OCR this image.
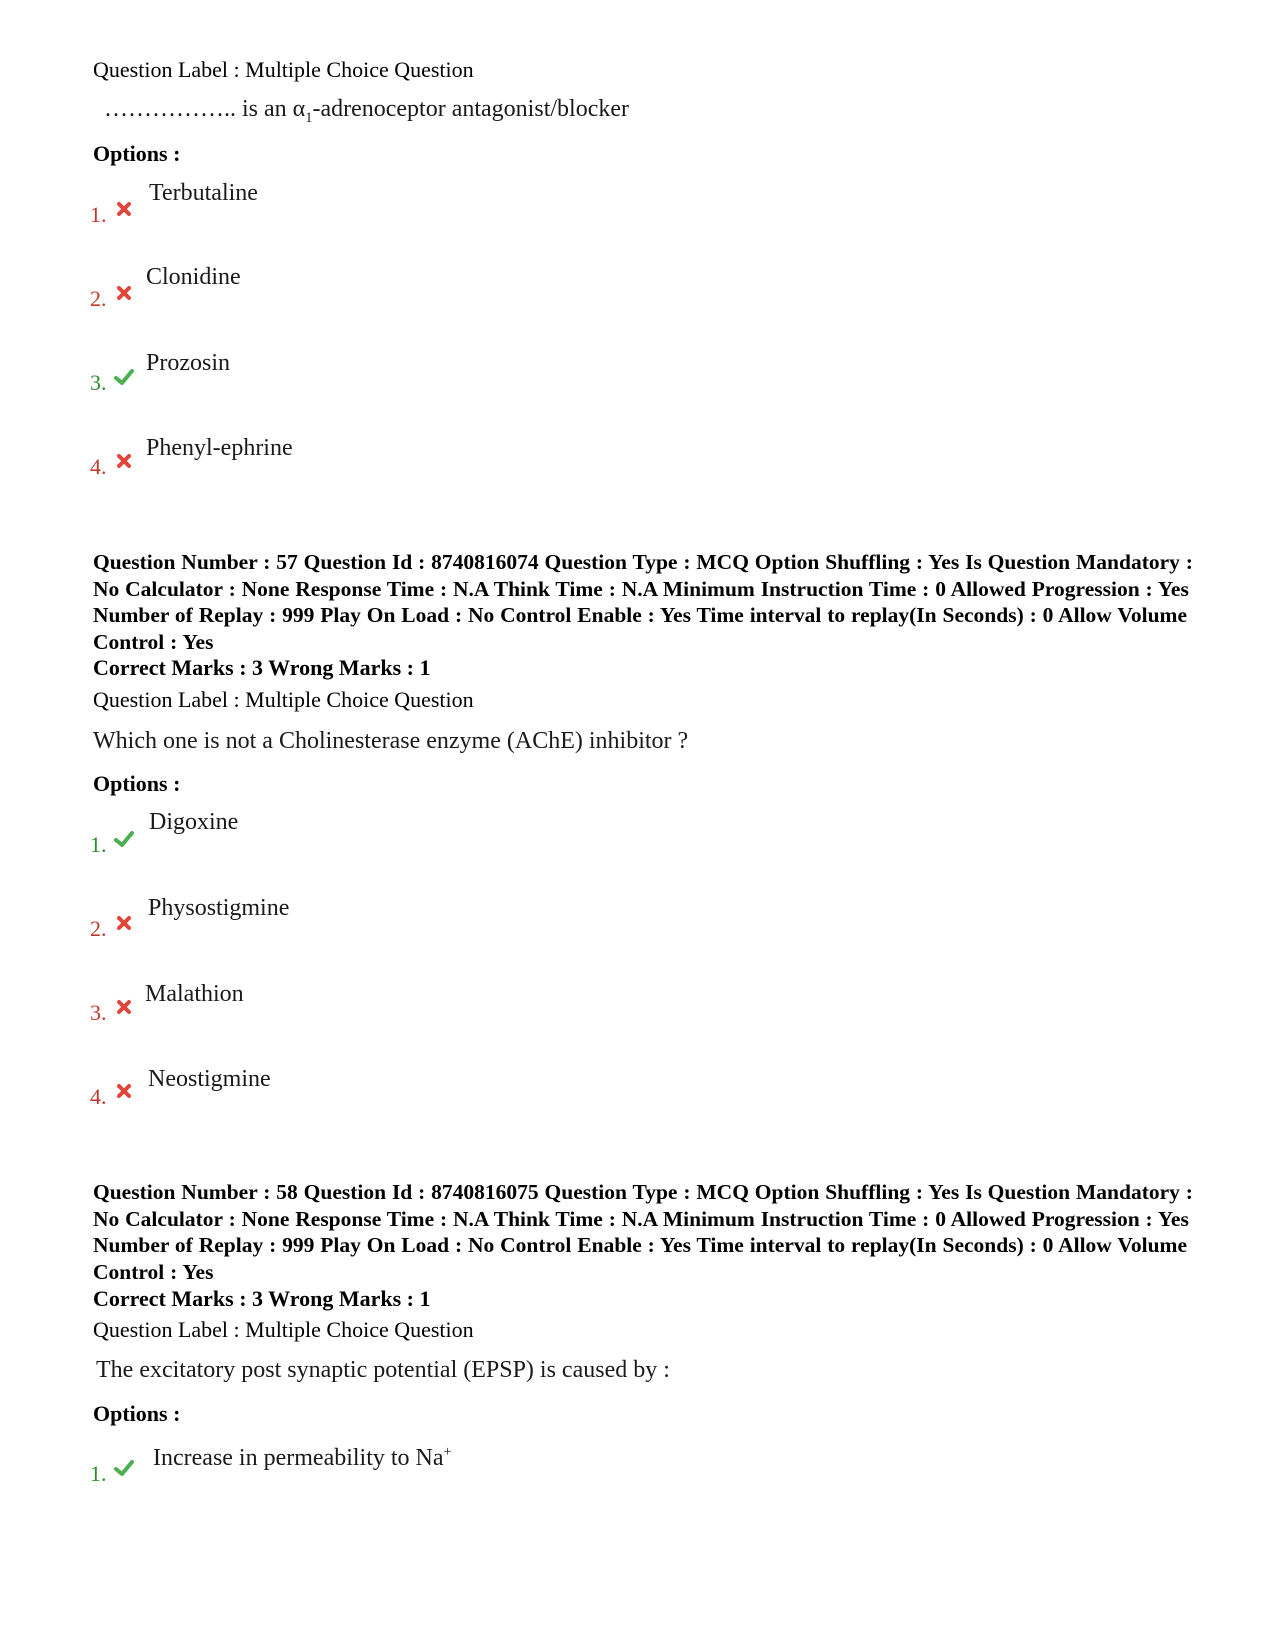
Question Label : Multiple Choice Question
…………….. is an $\alpha_1$-adrenoceptor antagonist/blocker
Options :
1.
Terbutaline
2.
Clonidine
3.
Prozosin
4.
Phenyl-ephrine
Question Number : 57 Question Id : 8740816074 Question Type : MCQ Option Shuffling : Yes Is Question Mandatory : No Calculator : None Response Time : N.A Think Time : N.A Minimum Instruction Time : 0 Allowed Progression : Yes Number of Replay : 999 Play On Load : No Control Enable : Yes Time interval to replay(In Seconds) : 0 Allow Volume Control : Yes
Correct Marks : 3 Wrong Marks : 1
Question Label : Multiple Choice Question
Which one is not a Cholinesterase enzyme (AChE) inhibitor ?
Options :
1.
Digoxine
2.
Physostigmine
3.
Malathion
4.
Neostigmine
Question Number : 58 Question Id : 8740816075 Question Type : MCQ Option Shuffling : Yes Is Question Mandatory : No Calculator : None Response Time : N.A Think Time : N.A Minimum Instruction Time : 0 Allowed Progression : Yes Number of Replay : 999 Play On Load : No Control Enable : Yes Time interval to replay(In Seconds) : 0 Allow Volume Control : Yes
Correct Marks : 3 Wrong Marks : 1
Question Label : Multiple Choice Question
The excitatory post synaptic potential (EPSP) is caused by :
Options :
1.
Increase in permeability to Na+
